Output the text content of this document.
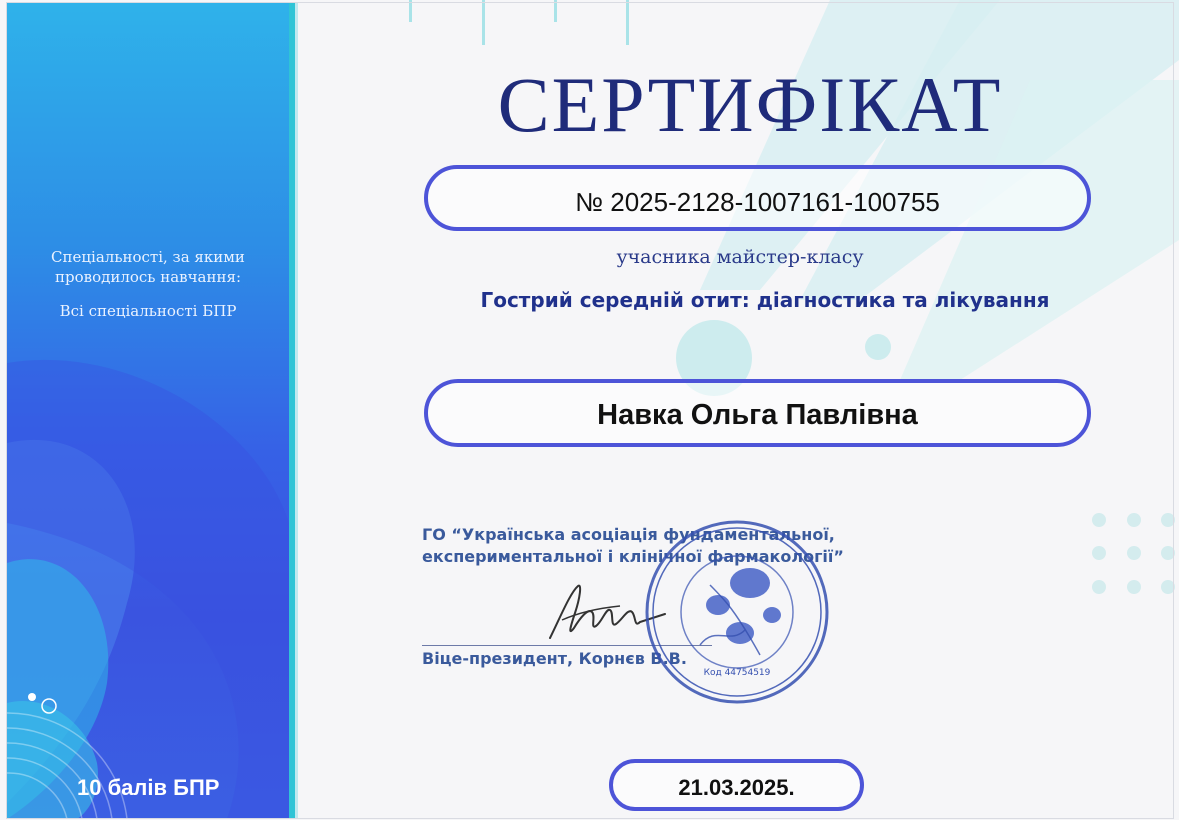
Спеціальності, за якими
проводилось навчання:
Всі спеціальності БПР
10 балів БПР
СЕРТИФІКАТ
№ 2025-2128-1007161-100755
учасника майстер-класу
Гострий середній отит: діагностика та лікування
Навка Ольга Павлівна
ГО “Українська асоціація фундаментальної,
експериментальної і клінічної фармакології”
Віце-президент, Корнєв В.В.
Код 44754519
21.03.2025.
